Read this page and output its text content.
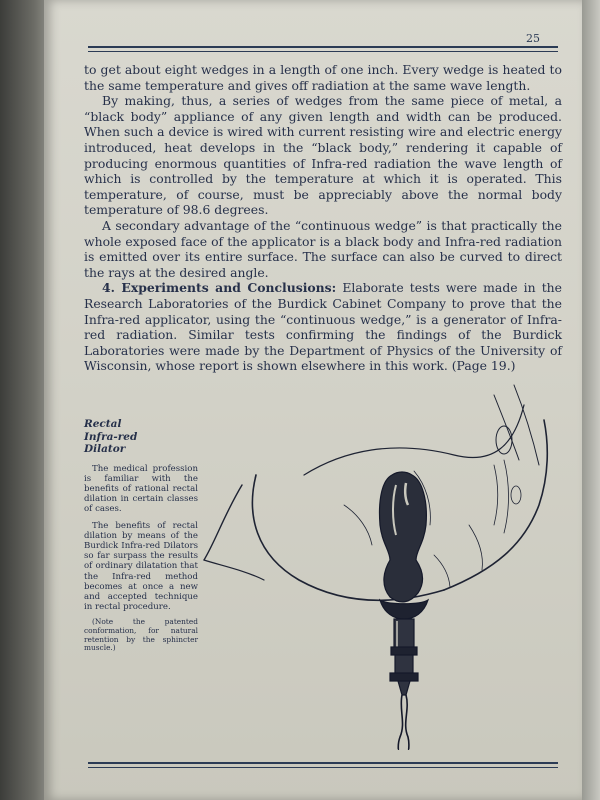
25

to get about eight wedges in a length of one inch. Every wedge is heated to the same temperature and gives off radiation at the same wave length.

By making, thus, a series of wedges from the same piece of metal, a “black body” appliance of any given length and width can be produced. When such a device is wired with current resisting wire and electric energy introduced, heat develops in the “black body,” rendering it capable of producing enormous quantities of Infra-red radiation the wave length of which is controlled by the temperature at which it is operated. This temperature, of course, must be appreciably above the normal body temperature of 98.6 degrees.

A secondary advantage of the “continuous wedge” is that practically the whole exposed face of the applicator is a black body and Infra-red radiation is emitted over its entire surface. The surface can also be curved to direct the rays at the desired angle.

4. Experiments and Conclusions: Elaborate tests were made in the Research Laboratories of the Burdick Cabinet Company to prove that the Infra-red applicator, using the “continuous wedge,” is a generator of Infra-red radiation. Similar tests confirming the findings of the Burdick Laboratories were made by the Department of Physics of the University of Wisconsin, whose report is shown elsewhere in this work. (Page 19.)

Rectal
Infra-red
Dilator

The medical profession is familiar with the benefits of rational rectal dilation in certain classes of cases.

The benefits of rectal dilation by means of the Burdick Infra-red Dilators so far surpass the results of ordinary dilatation that the Infra-red method becomes at once a new and accepted technique in rectal procedure.

(Note the patented conformation, for natural retention by the sphincter muscle.)
